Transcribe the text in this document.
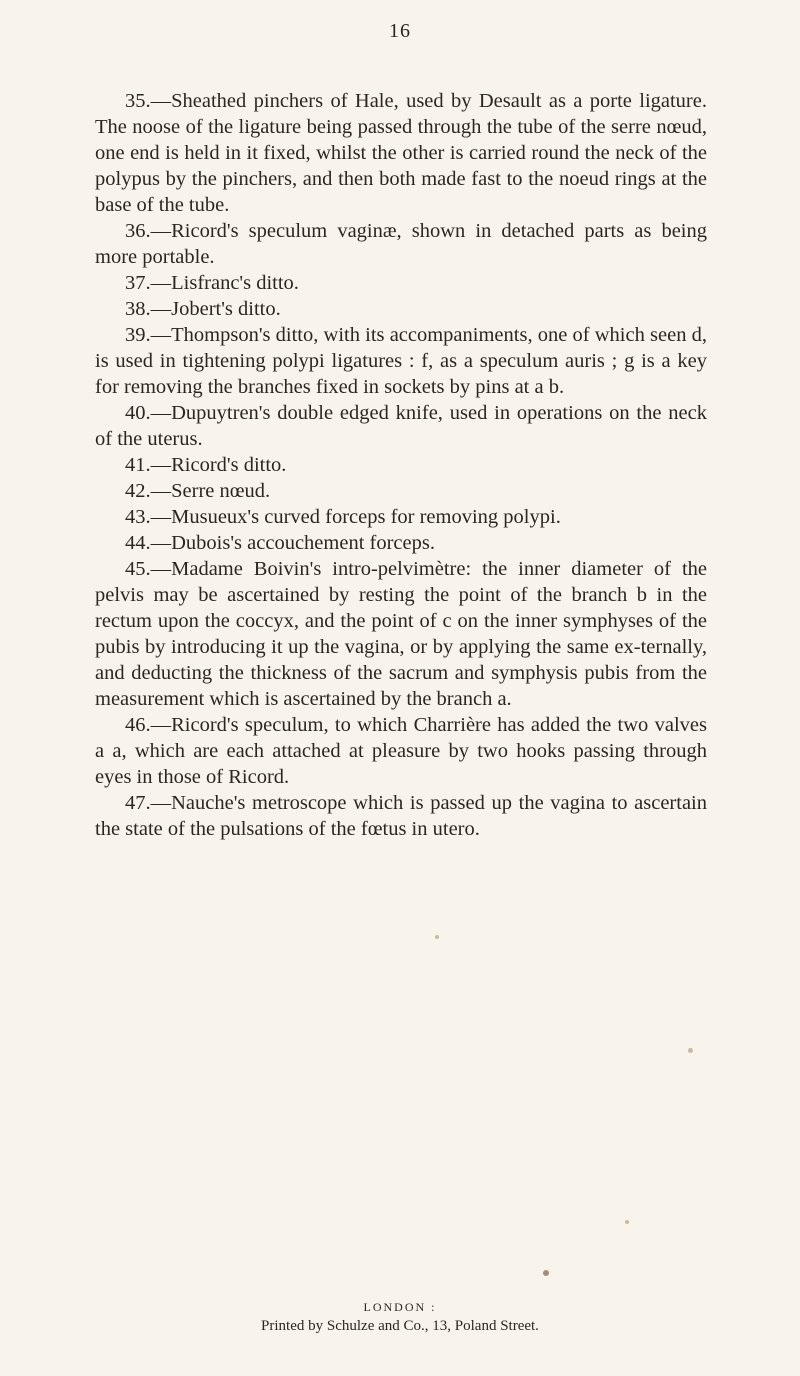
16

35.—Sheathed pinchers of Hale, used by Desault as a porte ligature. The noose of the ligature being passed through the tube of the serre nœud, one end is held in it fixed, whilst the other is carried round the neck of the polypus by the pinchers, and then both made fast to the noeud rings at the base of the tube.

36.—Ricord's speculum vaginæ, shown in detached parts as being more portable.

37.—Lisfranc's ditto.

38.—Jobert's ditto.

39.—Thompson's ditto, with its accompaniments, one of which seen d, is used in tightening polypi ligatures : f, as a speculum auris ; g is a key for removing the branches fixed in sockets by pins at a b.

40.—Dupuytren's double edged knife, used in operations on the neck of the uterus.

41.—Ricord's ditto.

42.—Serre nœud.

43.—Musueux's curved forceps for removing polypi.

44.—Dubois's accouchement forceps.

45.—Madame Boivin's intro-pelvimètre: the inner diameter of the pelvis may be ascertained by resting the point of the branch b in the rectum upon the coccyx, and the point of c on the inner symphyses of the pubis by introducing it up the vagina, or by applying the same ex-ternally, and deducting the thickness of the sacrum and symphysis pubis from the measurement which is ascertained by the branch a.

46.—Ricord's speculum, to which Charrière has added the two valves a a, which are each attached at pleasure by two hooks passing through eyes in those of Ricord.

47.—Nauche's metroscope which is passed up the vagina to ascertain the state of the pulsations of the fœtus in utero.

LONDON :
Printed by Schulze and Co., 13, Poland Street.
